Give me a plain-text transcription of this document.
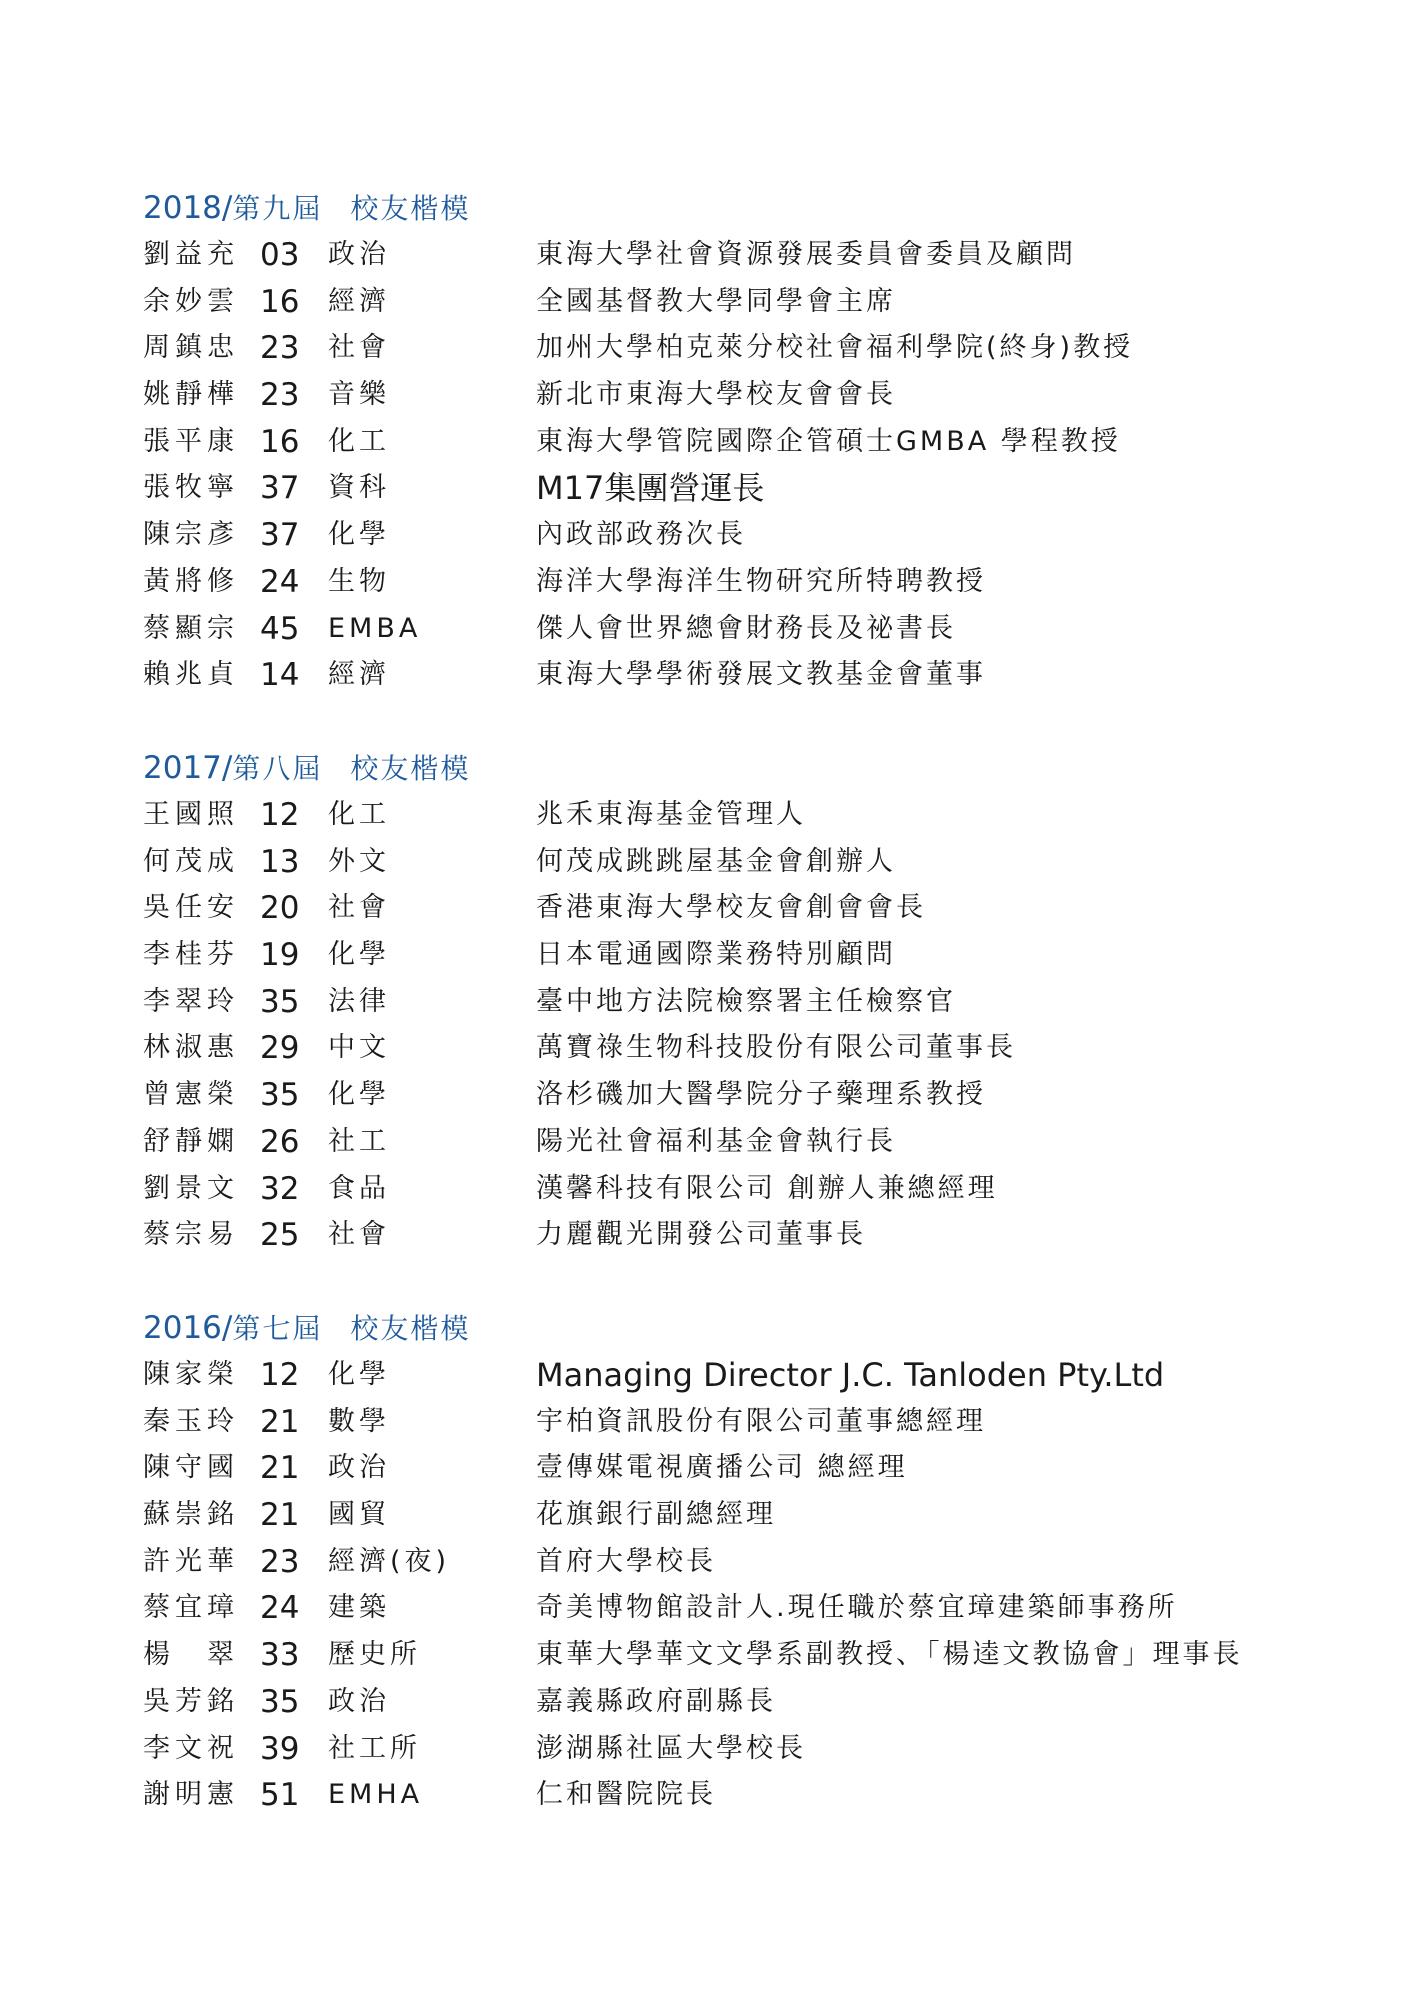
2018/第九屆 校友楷模
劉益充 03 政治	東海大學社會資源發展委員會委員及顧問
余妙雲 16 經濟	全國基督教大學同學會主席
周鎮忠 23 社會	加州大學柏克萊分校社會福利學院(終身)教授
姚靜樺 23 音樂	新北市東海大學校友會會長
張平康 16 化工	東海大學管院國際企管碩士GMBA 學程教授
張牧寧 37 資科	M17集團營運長
陳宗彥 37 化學	內政部政務次長
黃將修 24 生物	海洋大學海洋生物研究所特聘教授
蔡顯宗 45 EMBA	傑人會世界總會財務長及祕書長
賴兆貞 14 經濟	東海大學學術發展文教基金會董事
2017/第八屆 校友楷模
王國照 12 化工	兆禾東海基金管理人
何茂成 13 外文	何茂成跳跳屋基金會創辦人
吳任安 20 社會	香港東海大學校友會創會會長
李桂芬 19 化學	日本電通國際業務特別顧問
李翠玲 35 法律	臺中地方法院檢察署主任檢察官
林淑惠 29 中文	萬寶祿生物科技股份有限公司董事長
曾憲榮 35 化學	洛杉磯加大醫學院分子藥理系教授
舒靜嫻 26 社工	陽光社會福利基金會執行長
劉景文 32 食品	漢馨科技有限公司 創辦人兼總經理
蔡宗易 25 社會	力麗觀光開發公司董事長
2016/第七屆 校友楷模
陳家榮 12 化學	Managing Director J.C. Tanloden Pty.Ltd
秦玉玲 21 數學	宇柏資訊股份有限公司董事總經理
陳守國 21 政治	壹傳媒電視廣播公司 總經理
蘇崇銘 21 國貿	花旗銀行副總經理
許光華 23 經濟(夜)	首府大學校長
蔡宜璋 24 建築	奇美博物館設計人.現任職於蔡宜璋建築師事務所
楊　翠 33 歷史所	東華大學華文文學系副教授、「楊逵文教協會」理事長
吳芳銘 35 政治	嘉義縣政府副縣長
李文祝 39 社工所	澎湖縣社區大學校長
謝明憲 51 EMHA	仁和醫院院長
